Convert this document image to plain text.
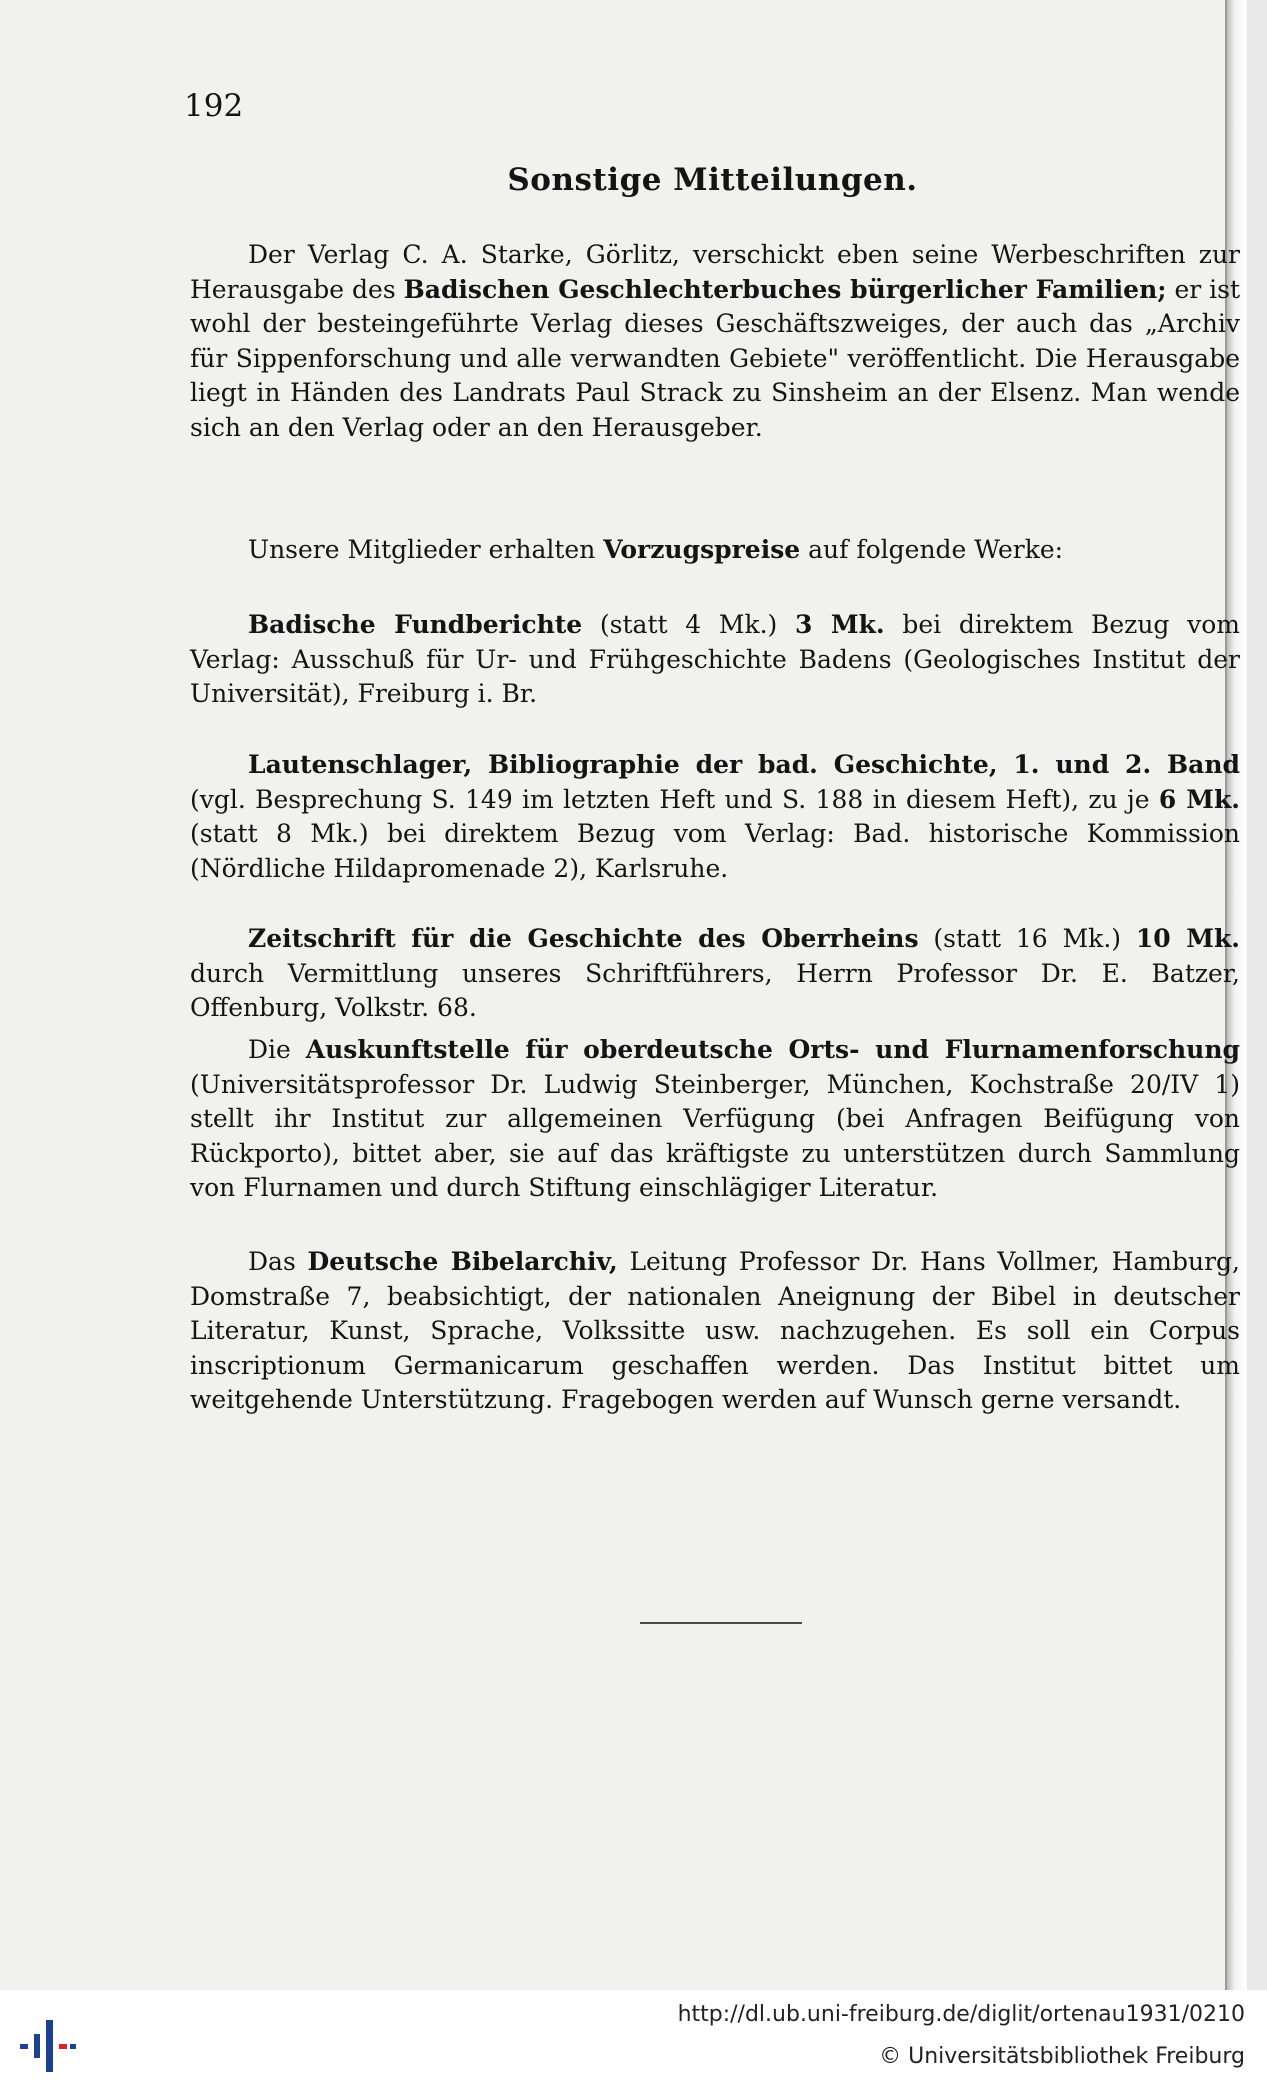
192
Sonstige Mitteilungen.

Der Verlag C. A. Starke, Görlitz, verschickt eben seine Werbeschriften zur Herausgabe des Badischen Geschlechterbuches bürgerlicher Familien; er ist wohl der besteingeführte Verlag dieses Geschäftszweiges, der auch das „Archiv für Sippenforschung und alle verwandten Gebiete" veröffentlicht. Die Herausgabe liegt in Händen des Landrats Paul Strack zu Sinsheim an der Elsenz. Man wende sich an den Verlag oder an den Herausgeber.

Unsere Mitglieder erhalten Vorzugspreise auf folgende Werke:

Badische Fundberichte (statt 4 Mk.) 3 Mk. bei direktem Bezug vom Verlag: Ausschuß für Ur- und Frühgeschichte Badens (Geologisches Institut der Universität), Freiburg i. Br.

Lautenschlager, Bibliographie der bad. Geschichte, 1. und 2. Band (vgl. Besprechung S. 149 im letzten Heft und S. 188 in diesem Heft), zu je 6 Mk. (statt 8 Mk.) bei direktem Bezug vom Verlag: Bad. historische Kommission (Nördliche Hildapromenade 2), Karlsruhe.

Zeitschrift für die Geschichte des Oberrheins (statt 16 Mk.) 10 Mk. durch Vermittlung unseres Schriftführers, Herrn Professor Dr. E. Batzer, Offenburg, Volkstr. 68.

Die Auskunftstelle für oberdeutsche Orts- und Flurnamenforschung (Universitätsprofessor Dr. Ludwig Steinberger, München, Kochstraße 20/IV 1) stellt ihr Institut zur allgemeinen Verfügung (bei Anfragen Beifügung von Rückporto), bittet aber, sie auf das kräftigste zu unterstützen durch Sammlung von Flurnamen und durch Stiftung einschlägiger Literatur.

Das Deutsche Bibelarchiv, Leitung Professor Dr. Hans Vollmer, Hamburg, Domstraße 7, beabsichtigt, der nationalen Aneignung der Bibel in deutscher Literatur, Kunst, Sprache, Volkssitte usw. nachzugehen. Es soll ein Corpus inscriptionum Germanicarum geschaffen werden. Das Institut bittet um weitgehende Unterstützung. Fragebogen werden auf Wunsch gerne versandt.

http://dl.ub.uni-freiburg.de/diglit/ortenau1931/0210
© Universitätsbibliothek Freiburg
